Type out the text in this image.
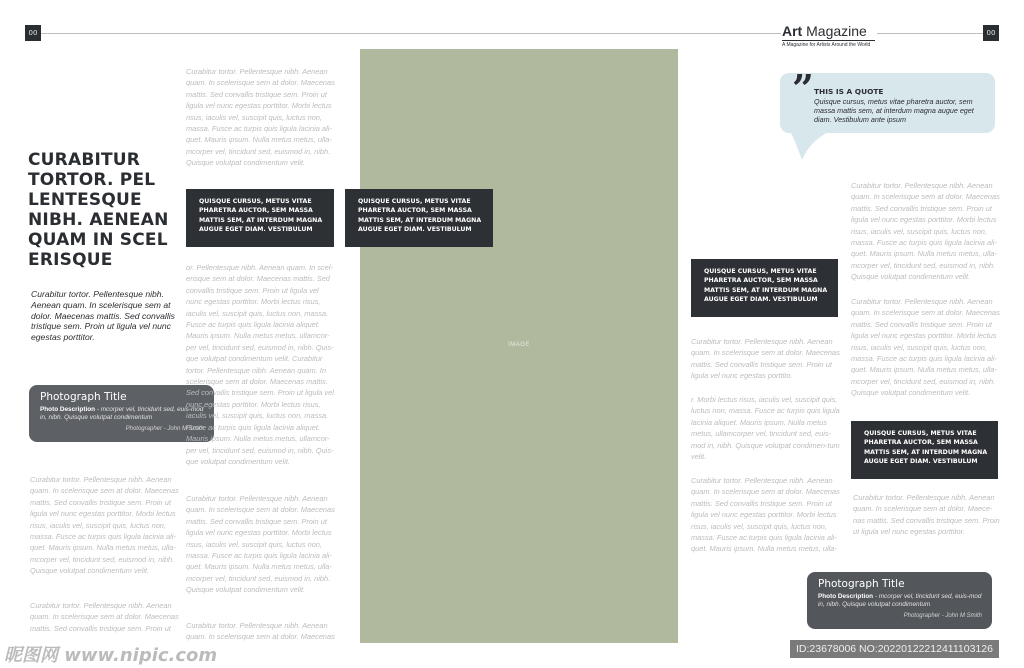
00	Art Magazine
A Magazine for Artists Around the World
00
CURABITUR
TORTOR. PEL
LENTESQUE
NIBH. AENEAN
QUAM IN SCEL
ERISQUE
Curabitur tortor. Pellentesque nibh. Aenean quam. In scelerisque sem at dolor. Maecenas mattis. Sed convallis tristique sem. Proin ut ligula vel nunc egestas porttitor.
Photograph Title
Photo Description - mcorper vel, tincidunt sed, euis-mod in, nibh. Quisque volutpat condimentum
Photographer - John M Smith
Curabitur tortor. Pellentesque nibh. Aenean quam. In scelerisque sem at dolor. Maecenas mattis. Sed convallis tristique sem. Proin ut ligula vel nunc egestas porttitor. Morbi lectus risus, iaculis vel, suscipit quis, luctus non, massa. Fusce ac turpis quis ligula lacinia ali-quet. Mauris ipsum. Nulla metus metus, ulla-mcorper vel, tincidunt sed, euismod in, nibh. Quisque volutpat condimentum velit.
Curabitur tortor. Pellentesque nibh. Aenean quam. In scelerisque sem at dolor. Maecenas mattis. Sed convallis tristique sem. Proin ut
Curabitur tortor. Pellentesque nibh. Aenean quam. In scelerisque sem at dolor. Maecenas mattis. Sed convallis tristique sem. Proin ut ligula vel nunc egestas porttitor. Morbi lectus risus, iaculis vel, suscipit quis, luctus non, massa. Fusce ac turpis quis ligula lacinia ali-quet. Mauris ipsum. Nulla metus metus, ulla-mcorper vel, tincidunt sed, euismod in, nibh. Quisque volutpat condimentum velit.
QUISQUE CURSUS, METUS VITAE PHARETRA AUCTOR, SEM MASSA MATTIS SEM, AT INTERDUM MAGNA AUGUE EGET DIAM. VESTIBULUM
or. Pellentesque nibh. Aenean quam. In scel-erisque sem at dolor. Maecenas mattis. Sed convallis tristique sem. Proin ut ligula vel nunc egestas porttitor. Morbi lectus risus, iaculis vel, suscipit quis, luctus non, massa. Fusce ac turpis quis ligula lacinia aliquet. Mauris ipsum. Nulla metus metus, ullamcor-per vel, tincidunt sed, euismod in, nibh. Quis-que volutpat condimentum velit. Curabitur tortor. Pellentesque nibh. Aenean quam. In scelerisque sem at dolor. Maecenas mattis. Sed convallis tristique sem. Proin ut ligula vel nunc egestas porttitor. Morbi lectus risus, iaculis vel, suscipit quis, luctus non, massa. Fusce ac turpis quis ligula lacinia aliquet. Mauris ipsum. Nulla metus metus, ullamcor-per vel, tincidunt sed, euismod in, nibh. Quis-que volutpat condimentum velit.
Curabitur tortor. Pellentesque nibh. Aenean quam. In scelerisque sem at dolor. Maecenas mattis. Sed convallis tristique sem. Proin ut ligula vel nunc egestas porttitor. Morbi lectus risus, iaculis vel, suscipit quis, luctus non, massa. Fusce ac turpis quis ligula lacinia ali-quet. Mauris ipsum. Nulla metus metus, ulla-mcorper vel, tincidunt sed, euismod in, nibh. Quisque volutpat condimentum velit.
Curabitur tortor. Pellentesque nibh. Aenean quam. In scelerisque sem at dolor. Maecenas
IMAGE
QUISQUE CURSUS, METUS VITAE PHARETRA AUCTOR, SEM MASSA MATTIS SEM, AT INTERDUM MAGNA AUGUE EGET DIAM. VESTIBULUM
QUISQUE CURSUS, METUS VITAE PHARETRA AUCTOR, SEM MASSA MATTIS SEM, AT INTERDUM MAGNA AUGUE EGET DIAM. VESTIBULUM
Curabitur tortor. Pellentesque nibh. Aenean quam. In scelerisque sem at dolor. Maecenas mattis. Sed convallis tristique sem. Proin ut ligula vel nunc egestas porttito.
r. Morbi lectus risus, iaculis vel, suscipit quis, luctus non, massa. Fusce ac turpis quis ligula lacinia aliquet. Mauris ipsum. Nulla metus metus, ullamcorper vel, tincidunt sed, euis-mod in, nibh. Quisque volutpat condimen-tum velit.
Curabitur tortor. Pellentesque nibh. Aenean quam. In scelerisque sem at dolor. Maecenas mattis. Sed convallis tristique sem. Proin ut ligula vel nunc egestas porttitor. Morbi lectus risus, iaculis vel, suscipit quis, luctus non, massa. Fusce ac turpis quis ligula lacinia ali-quet. Mauris ipsum. Nulla metus metus, ulla-
THIS IS A QUOTE
Quisque cursus, metus vitae pharetra auctor, sem massa mattis sem, at interdum magna augue eget diam. Vestibulum ante ipsum
”
Curabitur tortor. Pellentesque nibh. Aenean quam. In scelerisque sem at dolor. Maecenas mattis. Sed convallis tristique sem. Proin ut ligula vel nunc egestas porttitor. Morbi lectus risus, iaculis vel, suscipit quis, luctus non, massa. Fusce ac turpis quis ligula lacinia ali-quet. Mauris ipsum. Nulla metus metus, ulla-mcorper vel, tincidunt sed, euismod in, nibh. Quisque volutpat condimentum velit.
Curabitur tortor. Pellentesque nibh. Aenean quam. In scelerisque sem at dolor. Maecenas mattis. Sed convallis tristique sem. Proin ut ligula vel nunc egestas porttitor. Morbi lectus risus, iaculis vel, suscipit quis, luctus non, massa. Fusce ac turpis quis ligula lacinia ali-quet. Mauris ipsum. Nulla metus metus, ulla-mcorper vel, tincidunt sed, euismod in, nibh. Quisque volutpat condimentum velit.
QUISQUE CURSUS, METUS VITAE PHARETRA AUCTOR, SEM MASSA MATTIS SEM, AT INTERDUM MAGNA AUGUE EGET DIAM. VESTIBULUM
Curabitur tortor. Pellentesque nibh. Aenean quam. In scelerisque sem at dolor. Maece-nas mattis. Sed convallis tristique sem. Proin ut ligula vel nunc egestas porttitor.
Photograph Title
Photo Description - mcorper vel, tincidunt sed, euis-mod in, nibh. Quisque volutpat condimentum
Photographer - John M Smith
昵图网 www.nipic.com	ID:23678006 NO:20220122212411103126
